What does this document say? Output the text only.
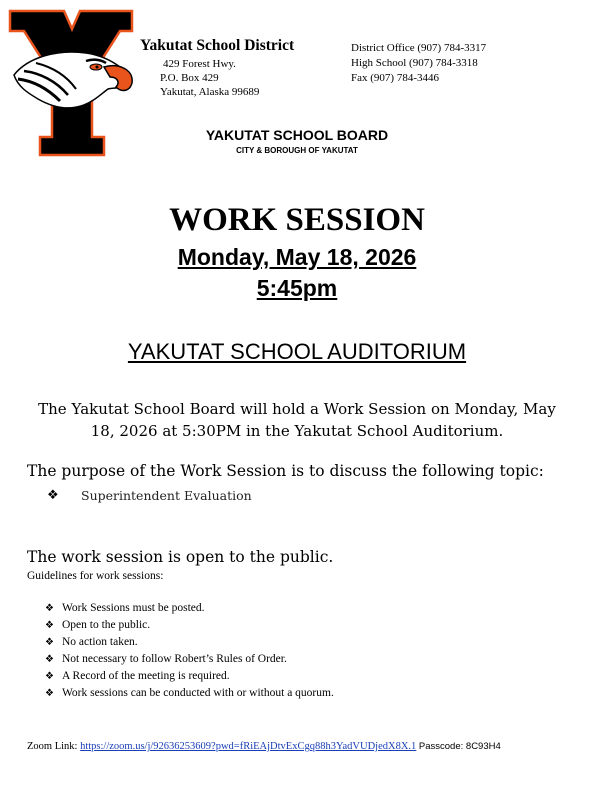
Yakutat School District
429 Forest Hwy.
P.O. Box 429
Yakutat, Alaska 99689
District Office (907) 784-3317
High School (907) 784-3318
Fax (907) 784-3446
YAKUTAT SCHOOL BOARD
CITY & BOROUGH OF YAKUTAT
WORK SESSION
Monday, May 18, 2026
5:45pm
YAKUTAT SCHOOL AUDITORIUM
The Yakutat School Board will hold a Work Session on Monday, May 18, 2026 at 5:30PM in the Yakutat School Auditorium.
The purpose of the Work Session is to discuss the following topic:
❖ Superintendent Evaluation
The work session is open to the public.
Guidelines for work sessions:
❖ Work Sessions must be posted.
❖ Open to the public.
❖ No action taken.
❖ Not necessary to follow Robert’s Rules of Order.
❖ A Record of the meeting is required.
❖ Work sessions can be conducted with or without a quorum.
Zoom Link: https://zoom.us/j/92636253609?pwd=fRiEAjDtvExCgq88h3YadVUDjedX8X.1 Passcode: 8C93H4
